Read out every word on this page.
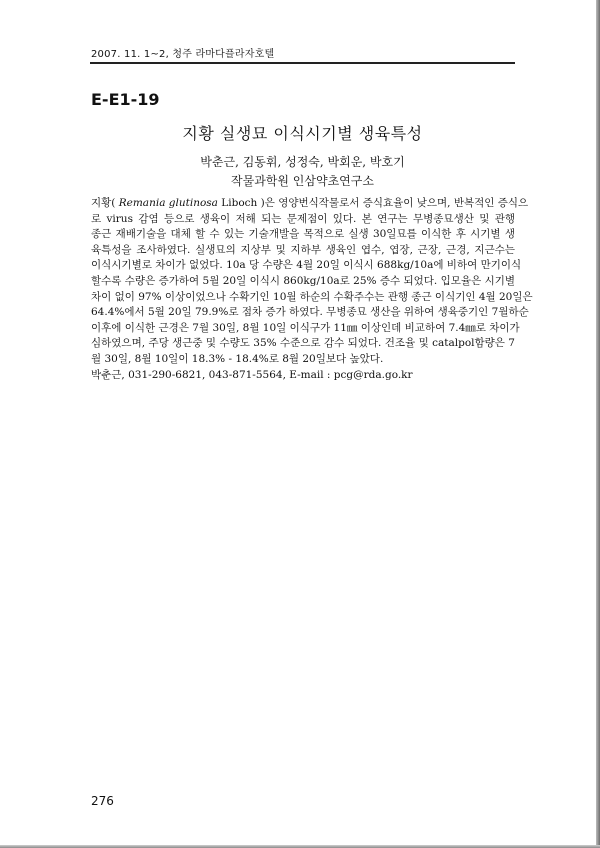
2007. 11. 1~2, 청주 라마다플라자호텔
E-E1-19
지황 실생묘 이식시기별 생육특성
박춘근, 김동휘, 성정숙, 박회운, 박호기
작물과학원 인삼약초연구소
지황( Remania glutinosa Liboch )은 영양번식작물로서 증식효율이 낮으며, 반복적인 증식으
로 virus 감염 등으로 생육이 저해 되는 문제점이 있다. 본 연구는 무병종묘생산 및 관행
종근 재배기술을 대체 할 수 있는 기술개발을 목적으로 실생 30일묘를 이식한 후 시기별 생
육특성을 조사하였다. 실생묘의 지상부 및 지하부 생육인 엽수, 엽장, 근장, 근경, 지근수는
이식시기별로 차이가 없었다. 10a 당 수량은 4월 20일 이식시 688kg/10a에 비하여 만기이식
할수록 수량은 증가하여 5월 20일 이식시 860kg/10a로 25% 증수 되었다. 입모율은 시기별
차이 없이 97% 이상이었으나 수확기인 10월 하순의 수확주수는 관행 종근 이식기인 4월 20일은
64.4%에서 5월 20일 79.9%로 점차 증가 하였다. 무병종묘 생산을 위하여 생육중기인 7월하순
이후에 이식한 근경은 7월 30일, 8월 10일 이식구가 11㎜ 이상인데 비교하여 7.4㎜로 차이가
심하였으며, 주당 생근중 및 수량도 35% 수준으로 감수 되었다. 건조율 및 catalpol함량은 7
월 30일, 8월 10일이 18.3% - 18.4%로 8월 20일보다 높았다.
박춘근, 031-290-6821, 043-871-5564, E-mail : pcg@rda.go.kr
276
